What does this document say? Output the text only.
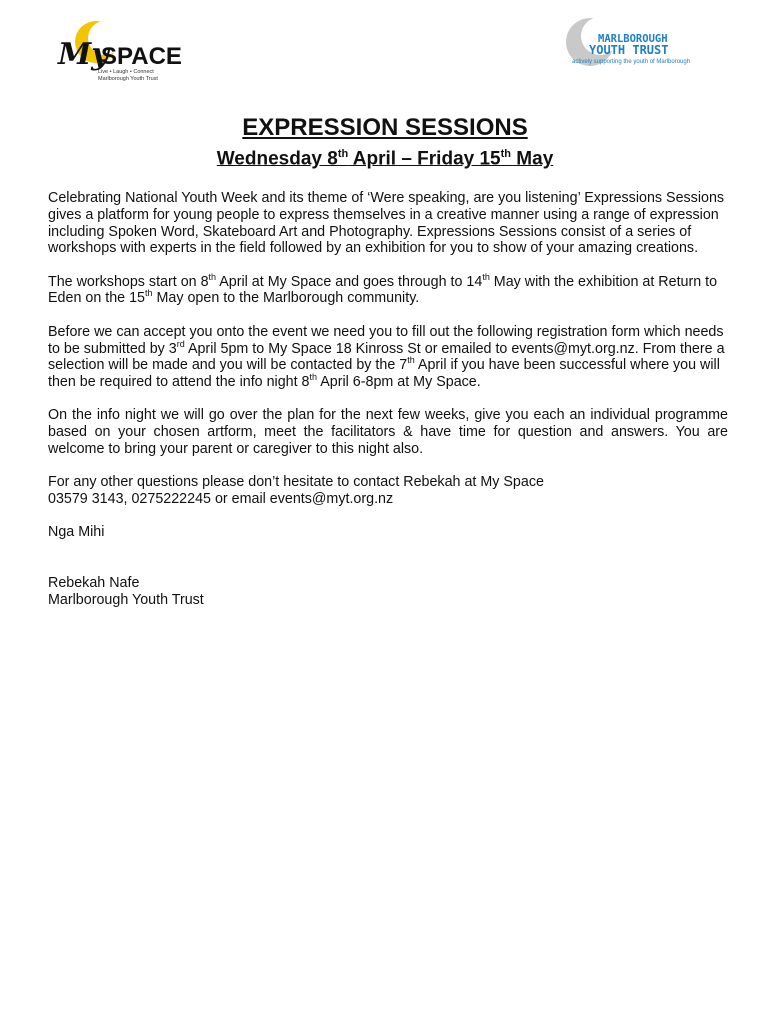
My
SPACE
Live • Laugh • Connect
Marlborough Youth Trust
MARLBOROUGH
YOUTH TRUST
actively supporting the youth of Marlborough
EXPRESSION SESSIONS
Wednesday 8th April – Friday 15th May

Celebrating National Youth Week and its theme of ‘Were speaking, are you listening’ Expressions Sessions gives a platform for young people to express themselves in a creative manner using a range of expression including Spoken Word, Skateboard Art and Photography. Expressions Sessions consist of a series of workshops with experts in the field followed by an exhibition for you to show of your amazing creations.

The workshops start on 8th April at My Space and goes through to 14th May with the exhibition at Return to Eden on the 15th May open to the Marlborough community.

Before we can accept you onto the event we need you to fill out the following registration form which needs to be submitted by 3rd April 5pm to My Space 18 Kinross St or emailed to events@myt.org.nz. From there a selection will be made and you will be contacted by the 7th April if you have been successful where you will then be required to attend the info night 8th April 6-8pm at My Space.

On the info night we will go over the plan for the next few weeks, give you each an individual programme based on your chosen artform, meet the facilitators & have time for question and answers. You are welcome to bring your parent or caregiver to this night also.

For any other questions please don’t hesitate to contact Rebekah at My Space
03579 3143, 0275222245 or email events@myt.org.nz

Nga Mihi

Rebekah Nafe
Marlborough Youth Trust
